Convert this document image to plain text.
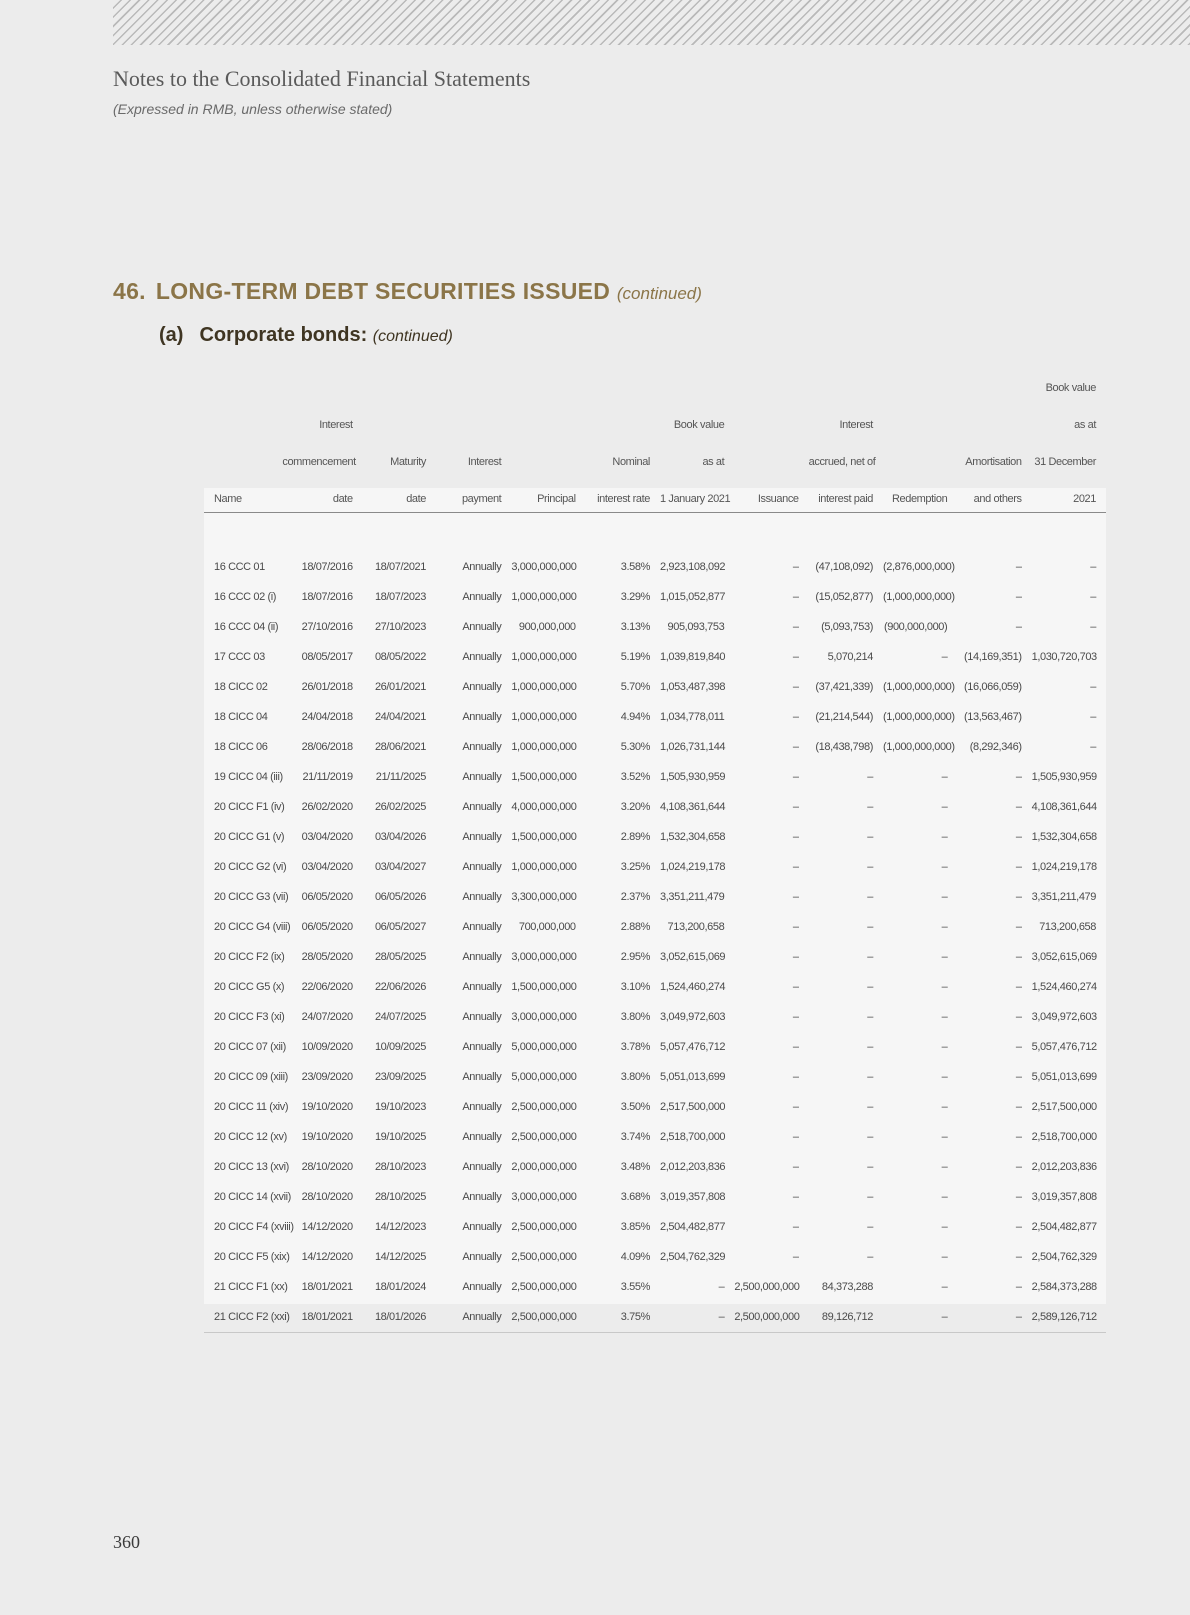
Notes to the Consolidated Financial Statements
(Expressed in RMB, unless otherwise stated)
46. LONG-TERM DEBT SECURITIES ISSUED (continued)
(a) Corporate bonds: (continued)
											Book value
	Interest					Book value		Interest			as at
	commencement	Maturity	Interest		Nominal	as at		accrued, net of		Amortisation	31 December
Name	date	date	payment	Principal	interest rate	1 January 2021	Issuance	interest paid	Redemption	and others	2021

16 CCC 01	18/07/2016	18/07/2021	Annually	3,000,000,000	3.58%	2,923,108,092	–	(47,108,092)	(2,876,000,000)	–	–
16 CCC 02 (i)	18/07/2016	18/07/2023	Annually	1,000,000,000	3.29%	1,015,052,877	–	(15,052,877)	(1,000,000,000)	–	–
16 CCC 04 (ii)	27/10/2016	27/10/2023	Annually	900,000,000	3.13%	905,093,753	–	(5,093,753)	(900,000,000)	–	–
17 CCC 03	08/05/2017	08/05/2022	Annually	1,000,000,000	5.19%	1,039,819,840	–	5,070,214	–	(14,169,351)	1,030,720,703
18 CICC 02	26/01/2018	26/01/2021	Annually	1,000,000,000	5.70%	1,053,487,398	–	(37,421,339)	(1,000,000,000)	(16,066,059)	–
18 CICC 04	24/04/2018	24/04/2021	Annually	1,000,000,000	4.94%	1,034,778,011	–	(21,214,544)	(1,000,000,000)	(13,563,467)	–
18 CICC 06	28/06/2018	28/06/2021	Annually	1,000,000,000	5.30%	1,026,731,144	–	(18,438,798)	(1,000,000,000)	(8,292,346)	–
19 CICC 04 (iii)	21/11/2019	21/11/2025	Annually	1,500,000,000	3.52%	1,505,930,959	–	–	–	–	1,505,930,959
20 CICC F1 (iv)	26/02/2020	26/02/2025	Annually	4,000,000,000	3.20%	4,108,361,644	–	–	–	–	4,108,361,644
20 CICC G1 (v)	03/04/2020	03/04/2026	Annually	1,500,000,000	2.89%	1,532,304,658	–	–	–	–	1,532,304,658
20 CICC G2 (vi)	03/04/2020	03/04/2027	Annually	1,000,000,000	3.25%	1,024,219,178	–	–	–	–	1,024,219,178
20 CICC G3 (vii)	06/05/2020	06/05/2026	Annually	3,300,000,000	2.37%	3,351,211,479	–	–	–	–	3,351,211,479
20 CICC G4 (viii)	06/05/2020	06/05/2027	Annually	700,000,000	2.88%	713,200,658	–	–	–	–	713,200,658
20 CICC F2 (ix)	28/05/2020	28/05/2025	Annually	3,000,000,000	2.95%	3,052,615,069	–	–	–	–	3,052,615,069
20 CICC G5 (x)	22/06/2020	22/06/2026	Annually	1,500,000,000	3.10%	1,524,460,274	–	–	–	–	1,524,460,274
20 CICC F3 (xi)	24/07/2020	24/07/2025	Annually	3,000,000,000	3.80%	3,049,972,603	–	–	–	–	3,049,972,603
20 CICC 07 (xii)	10/09/2020	10/09/2025	Annually	5,000,000,000	3.78%	5,057,476,712	–	–	–	–	5,057,476,712
20 CICC 09 (xiii)	23/09/2020	23/09/2025	Annually	5,000,000,000	3.80%	5,051,013,699	–	–	–	–	5,051,013,699
20 CICC 11 (xiv)	19/10/2020	19/10/2023	Annually	2,500,000,000	3.50%	2,517,500,000	–	–	–	–	2,517,500,000
20 CICC 12 (xv)	19/10/2020	19/10/2025	Annually	2,500,000,000	3.74%	2,518,700,000	–	–	–	–	2,518,700,000
20 CICC 13 (xvi)	28/10/2020	28/10/2023	Annually	2,000,000,000	3.48%	2,012,203,836	–	–	–	–	2,012,203,836
20 CICC 14 (xvii)	28/10/2020	28/10/2025	Annually	3,000,000,000	3.68%	3,019,357,808	–	–	–	–	3,019,357,808
20 CICC F4 (xviii)	14/12/2020	14/12/2023	Annually	2,500,000,000	3.85%	2,504,482,877	–	–	–	–	2,504,482,877
20 CICC F5 (xix)	14/12/2020	14/12/2025	Annually	2,500,000,000	4.09%	2,504,762,329	–	–	–	–	2,504,762,329
21 CICC F1 (xx)	18/01/2021	18/01/2024	Annually	2,500,000,000	3.55%	–	2,500,000,000	84,373,288	–	–	2,584,373,288
21 CICC F2 (xxi)	18/01/2021	18/01/2026	Annually	2,500,000,000	3.75%	–	2,500,000,000	89,126,712	–	–	2,589,126,712
360
